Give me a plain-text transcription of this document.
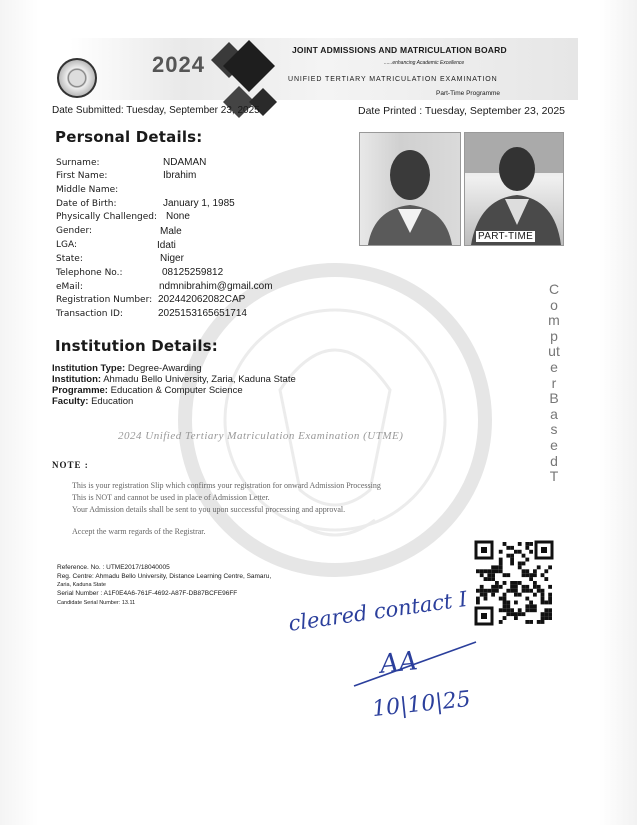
2024
JOINT ADMISSIONS AND MATRICULATION BOARD
......enhancing Academic Excellence
UNIFIED TERTIARY MATRICULATION EXAMINATION
Part-Time Programme
Date Submitted: Tuesday, September 23, 2025	Date Printed : Tuesday, September 23, 2025
Personal Details:
Surname:	NDAMAN
First Name:	Ibrahim
Middle Name:
Date of Birth:	January 1, 1985
Physically Challenged: None
Gender:	Male
LGA:	Idati
State:	Niger
Telephone No.:	08125259812
eMail:	ndmnibrahim@gmail.com
Registration Number: 202442062082CAP
Transaction ID:	2025153165651714
PART-TIME
Computer Based T
Institution Details:
Institution Type: Degree-Awarding
Institution: Ahmadu Bello University, Zaria, Kaduna State
Programme: Education & Computer Science
Faculty: Education
2024 Unified Tertiary Matriculation Examination (UTME)
NOTE :
This is your registration Slip which confirms your registration for onward Admission Processing
This is NOT and cannot be used in place of Admission Letter.
Your Admission details shall be sent to you upon successful processing and approval.
Accept the warm regards of the Registrar.
Reference. No. : UTME2017/18040005
Reg. Centre: Ahmadu Bello University, Distance Learning Centre, Samaru,
Zaria, Kaduna State
Serial Number : A1F0E4A6-761F-4692-A87F-DB87BCFE96FF
Candidate Serial Number: 13.11	cleared contact I
AA
10|10|25
